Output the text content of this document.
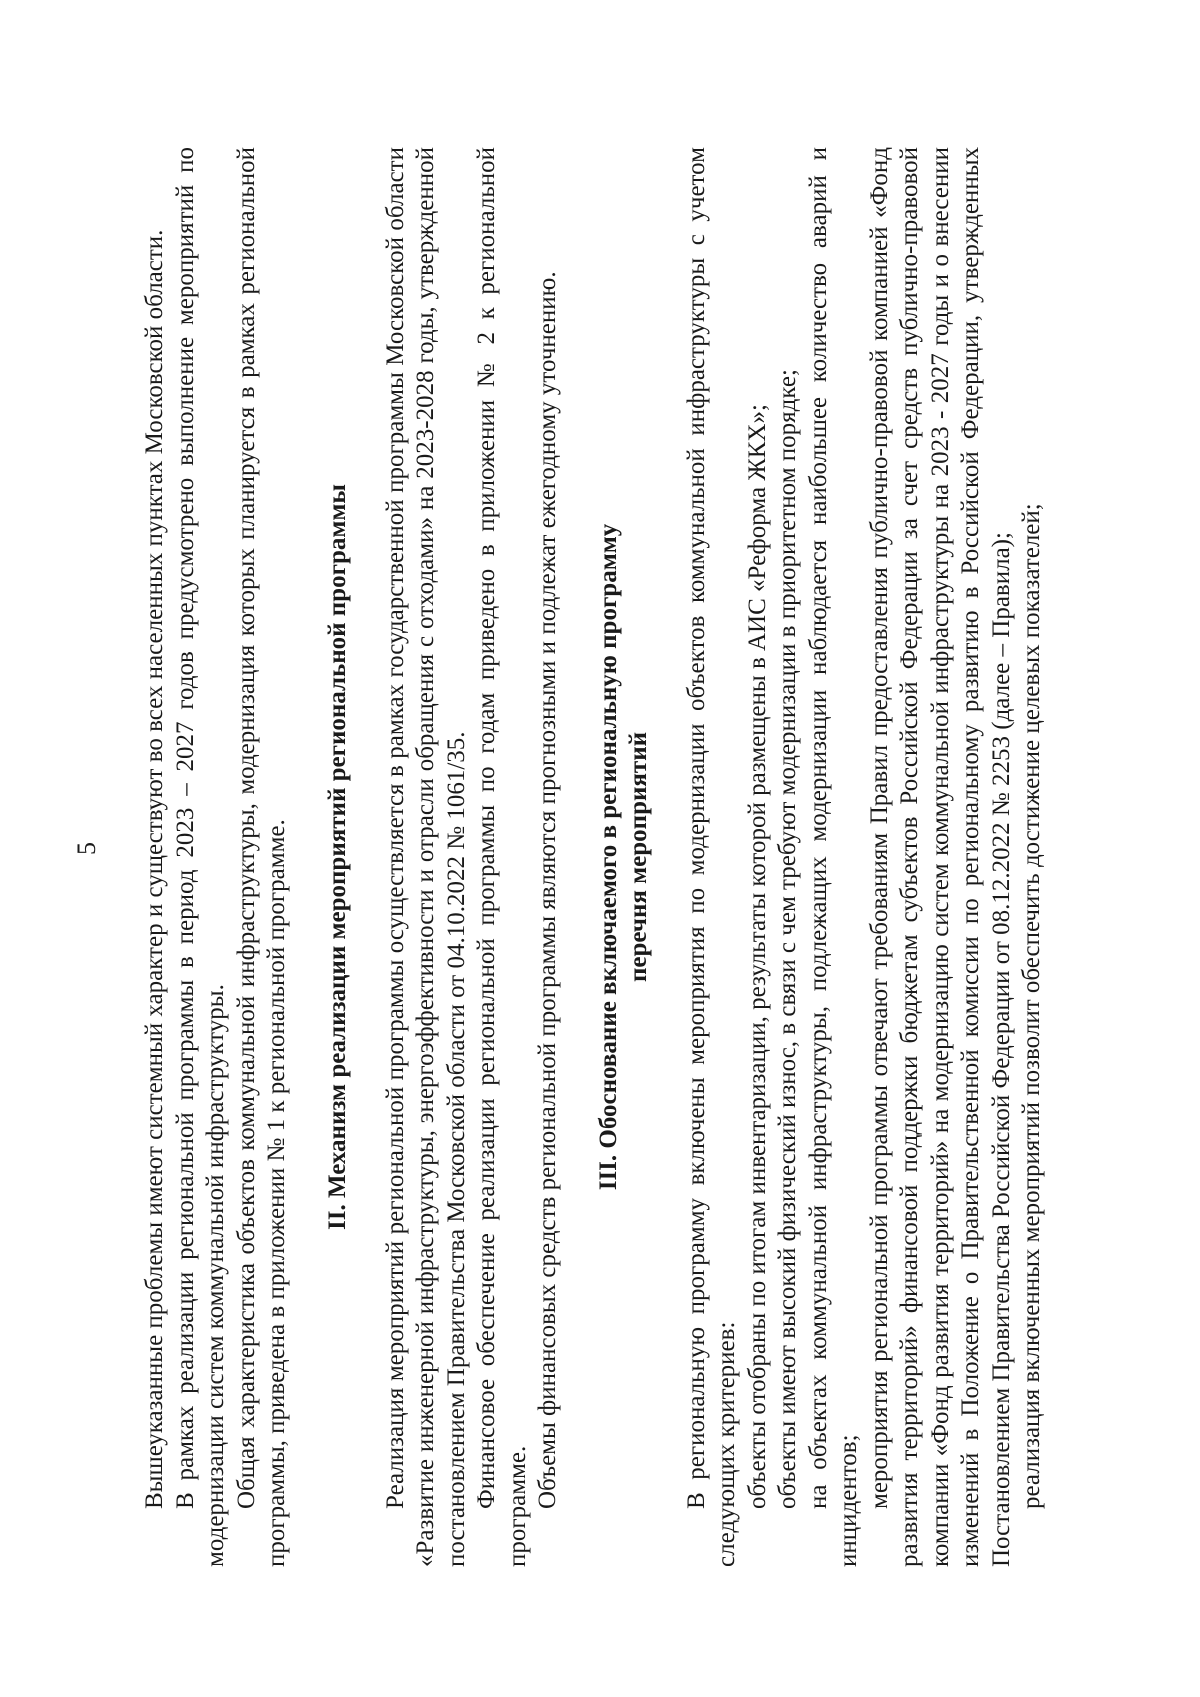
5 Вышеуказанные проблемы имеют системный характер и существуют во всех населенных пунктах Московской области. В рамках реализации региональной программы в период 2023 – 2027 годов предусмотрено выполнение мероприятий по модернизации систем коммунальной инфраструктуры. Общая характеристика объектов коммунальной инфраструктуры, модернизация которых планируется в рамках региональной программы, приведена в приложении № 1 к региональной программе. II. Механизм реализации мероприятий региональной программы Реализация мероприятий региональной программы осуществляется в рамках государственной программы Московской области «Развитие инженерной инфраструктуры, энергоэффективности и отрасли обращения с отходами» на 2023-2028 годы, утвержденной постановлением Правительства Московской области от 04.10.2022 № 1061/35. Финансовое обеспечение реализации региональной программы по годам приведено в приложении № 2 к региональной программе. Объемы финансовых средств региональной программы являются прогнозными и подлежат ежегодному уточнению. III. Обоснование включаемого в региональную программу перечня мероприятий В региональную программу включены мероприятия по модернизации объектов коммунальной инфраструктуры с учетом следующих критериев: объекты отобраны по итогам инвентаризации, результаты которой размещены в АИС «Реформа ЖКХ»; объекты имеют высокий физический износ, в связи с чем требуют модернизации в приоритетном порядке; на объектах коммунальной инфраструктуры, подлежащих модернизации наблюдается наибольшее количество аварий и инцидентов; мероприятия региональной программы отвечают требованиям Правил предоставления публично-правовой компанией «Фонд развития территорий» финансовой поддержки бюджетам субъектов Российской Федерации за счет средств публично-правовой компании «Фонд развития территорий» на модернизацию систем коммунальной инфраструктуры на 2023 - 2027 годы и о внесении изменений в Положение о Правительственной комиссии по региональному развитию в Российской Федерации, утвержденных Постановлением Правительства Российской Федерации от 08.12.2022 № 2253 (далее – Правила); реализация включенных мероприятий позволит обеспечить достижение целевых показателей;
